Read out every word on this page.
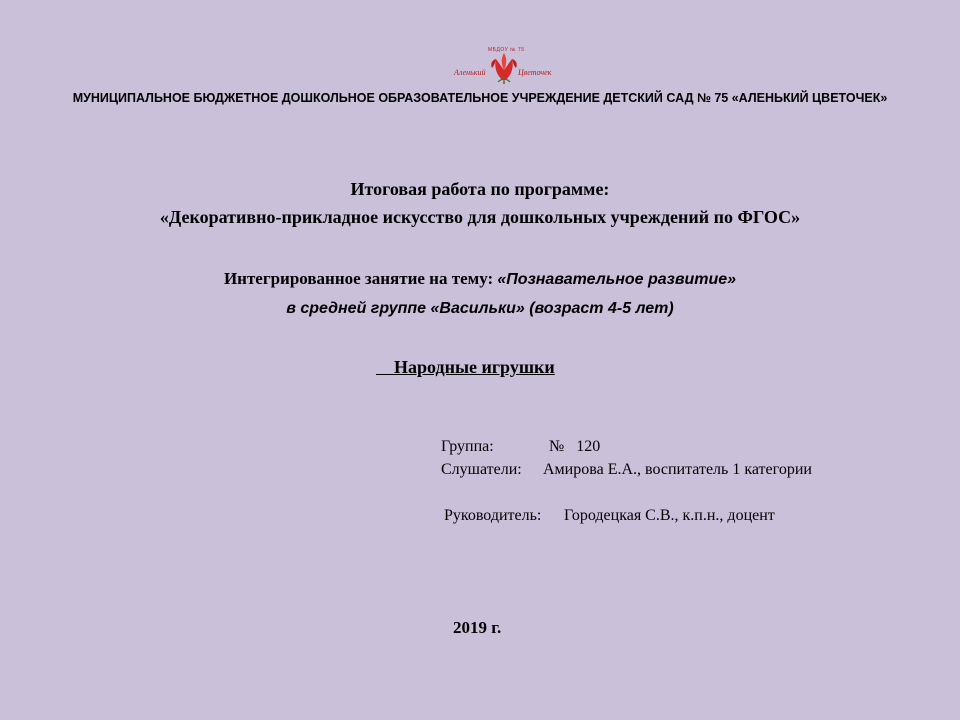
МБДОУ № 75
Аленький	Цветочек
МУНИЦИПАЛЬНОЕ БЮДЖЕТНОЕ ДОШКОЛЬНОЕ ОБРАЗОВАТЕЛЬНОЕ УЧРЕЖДЕНИЕ ДЕТСКИЙ САД № 75 «АЛЕНЬКИЙ ЦВЕТОЧЕК»
Итоговая работа по программе:
«Декоративно-прикладное искусство для дошкольных учреждений по ФГОС»
Интегрированное занятие на тему: «Познавательное развитие»
в средней группе «Васильки» (возраст 4-5 лет)
Народные игрушки
Группа:	№   120
Слушатели: Амирова Е.А., воспитатель 1 категории
Руководитель: Городецкая С.В., к.п.н., доцент
2019 г.
